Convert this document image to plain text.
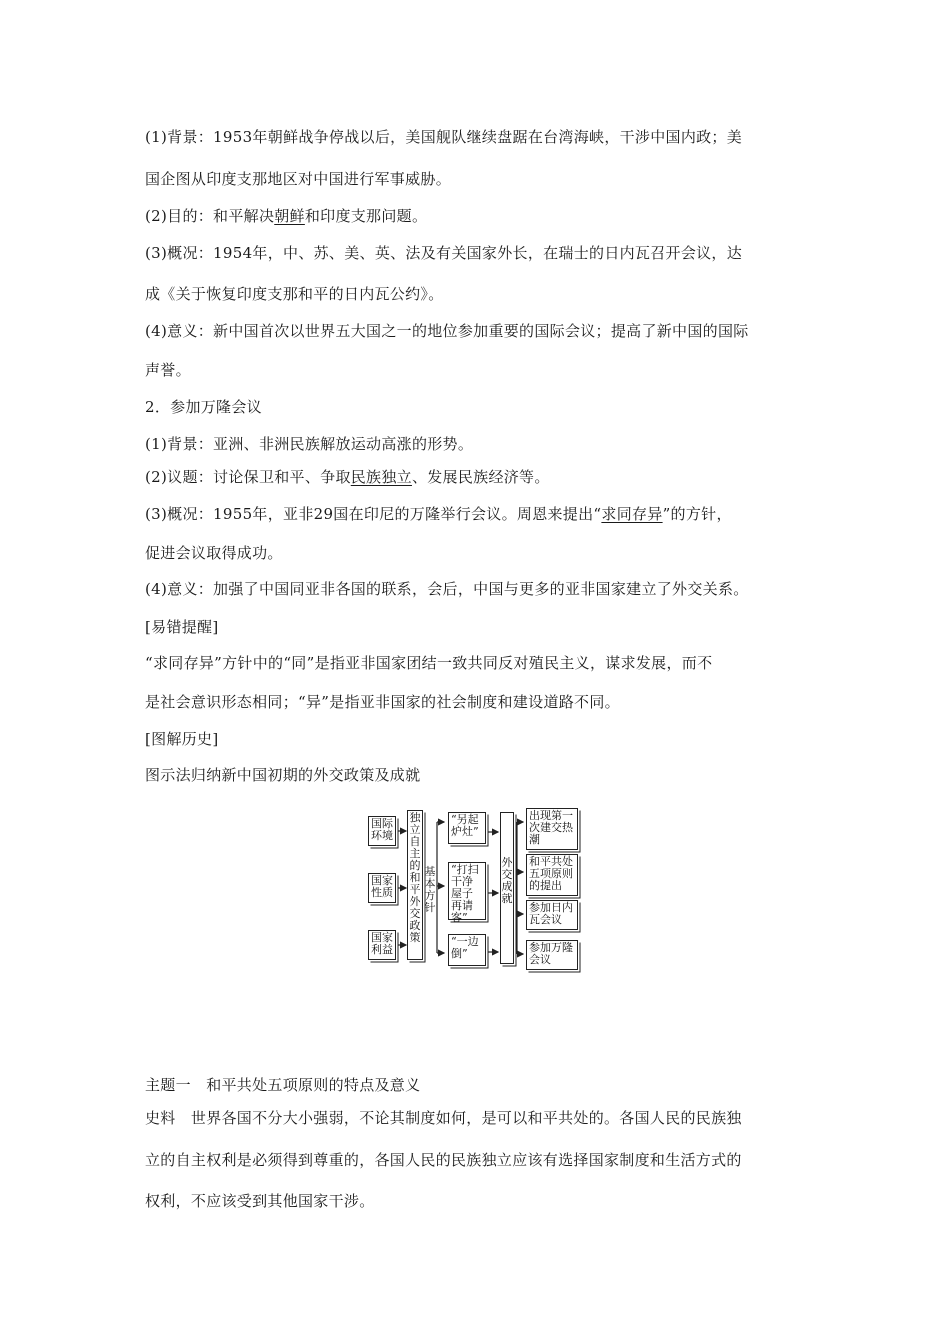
(1)背景：1953年朝鲜战争停战以后，美国舰队继续盘踞在台湾海峡，干涉中国内政；美
国企图从印度支那地区对中国进行军事威胁。
(2)目的：和平解决朝鲜和印度支那问题。
(3)概况：1954年，中、苏、美、英、法及有关国家外长，在瑞士的日内瓦召开会议，达
成《关于恢复印度支那和平的日内瓦公约》。
(4)意义：新中国首次以世界五大国之一的地位参加重要的国际会议；提高了新中国的国际
声誉。
2．参加万隆会议
(1)背景：亚洲、非洲民族解放运动高涨的形势。
(2)议题：讨论保卫和平、争取民族独立、发展民族经济等。
(3)概况：1955年，亚非29国在印尼的万隆举行会议。周恩来提出“求同存异”的方针，
促进会议取得成功。
(4)意义：加强了中国同亚非各国的联系，会后，中国与更多的亚非国家建立了外交关系。
[易错提醒]
“求同存异”方针中的“同”是指亚非国家团结一致共同反对殖民主义，谋求发展，而不
是社会意识形态相同；“异”是指亚非国家的社会制度和建设道路不同。
[图解历史]
图示法归纳新中国初期的外交政策及成就
国际环境
国家性质
国家利益
独立自主的和平外交政策
基本方针
“另起炉灶”
“打扫干净屋子再请客”
“一边倒”
外交成就
出现第一次建交热潮
和平共处五项原则的提出
参加日内瓦会议
参加万隆会议
主题一　和平共处五项原则的特点及意义
史料　世界各国不分大小强弱，不论其制度如何，是可以和平共处的。各国人民的民族独
立的自主权利是必须得到尊重的，各国人民的民族独立应该有选择国家制度和生活方式的
权利，不应该受到其他国家干涉。
